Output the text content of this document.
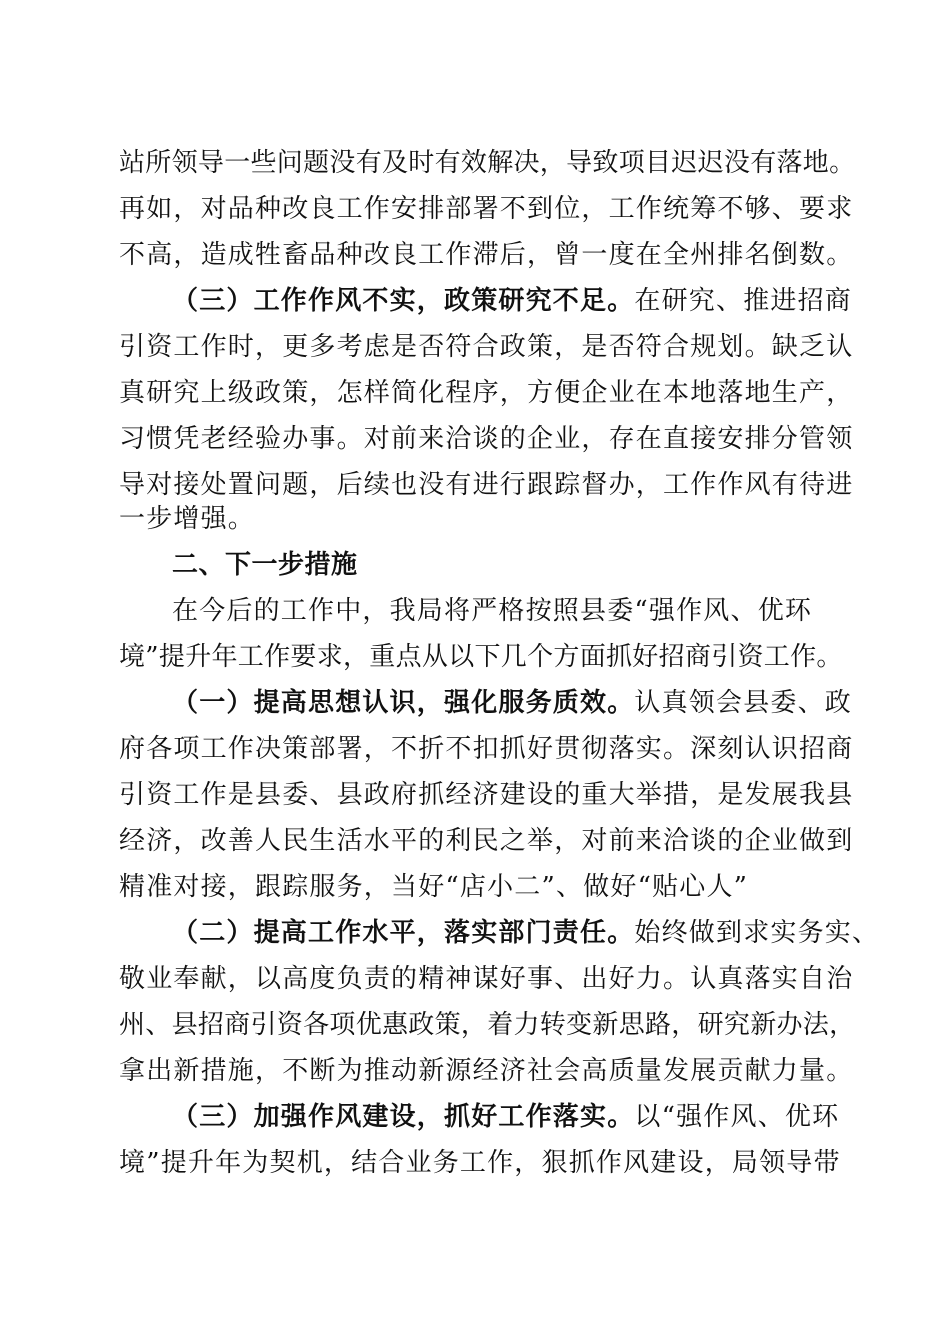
站所领导一些问题没有及时有效解决，导致项目迟迟没有落地。
再如，对品种改良工作安排部署不到位，工作统筹不够、要求
不高，造成牲畜品种改良工作滞后，曾一度在全州排名倒数。
（三）工作作风不实，政策研究不足。在研究、推进招商
引资工作时，更多考虑是否符合政策，是否符合规划。缺乏认
真研究上级政策，怎样简化程序，方便企业在本地落地生产，
习惯凭老经验办事。对前来洽谈的企业，存在直接安排分管领
导对接处置问题，后续也没有进行跟踪督办，工作作风有待进
一步增强。
二、下一步措施
在今后的工作中，我局将严格按照县委“强作风、优环
境”提升年工作要求，重点从以下几个方面抓好招商引资工作。
（一）提高思想认识，强化服务质效。认真领会县委、政
府各项工作决策部署，不折不扣抓好贯彻落实。深刻认识招商
引资工作是县委、县政府抓经济建设的重大举措，是发展我县
经济，改善人民生活水平的利民之举，对前来洽谈的企业做到
精准对接，跟踪服务，当好“店小二”、做好“贴心人”
（二）提高工作水平，落实部门责任。始终做到求实务实、
敬业奉献，以高度负责的精神谋好事、出好力。认真落实自治
州、县招商引资各项优惠政策，着力转变新思路，研究新办法，
拿出新措施，不断为推动新源经济社会高质量发展贡献力量。
（三）加强作风建设，抓好工作落实。以“强作风、优环
境”提升年为契机，结合业务工作，狠抓作风建设，局领导带
